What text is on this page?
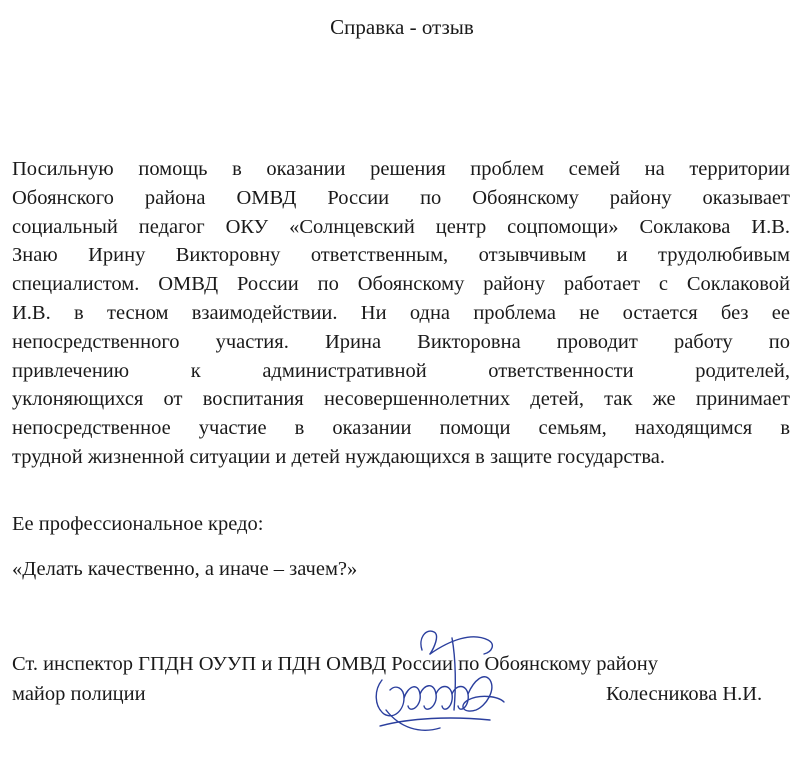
Справка - отзыв
Посильную помощь в оказании решения проблем семей на территории
Обоянского района ОМВД России по Обоянскому району оказывает
социальный педагог ОКУ «Солнцевский центр соцпомощи» Соклакова И.В.
Знаю Ирину Викторовну ответственным, отзывчивым и трудолюбивым
специалистом. ОМВД России по Обоянскому району работает с Соклаковой
И.В. в тесном взаимодействии. Ни одна проблема не остается без ее
непосредственного участия. Ирина Викторовна проводит работу по
привлечению к административной ответственности родителей,
уклоняющихся от воспитания несовершеннолетних детей, так же принимает
непосредственное участие в оказании помощи семьям, находящимся в
трудной жизненной ситуации и детей нуждающихся в защите государства.
Ее профессиональное кредо:
«Делать качественно, а иначе – зачем?»
Ст. инспектор ГПДН ОУУП и ПДН ОМВД России по Обоянскому району
майор полиции	Колесникова Н.И.
